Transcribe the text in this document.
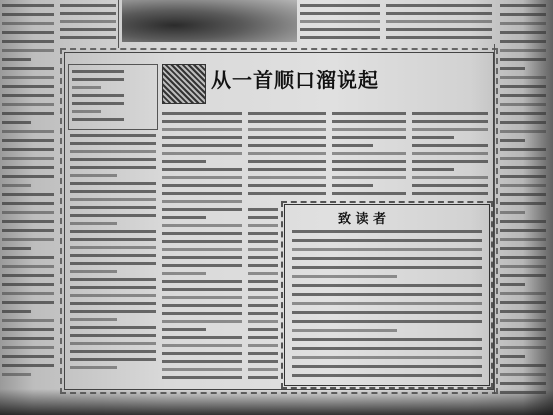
从一首顺口溜说起
致 读 者
